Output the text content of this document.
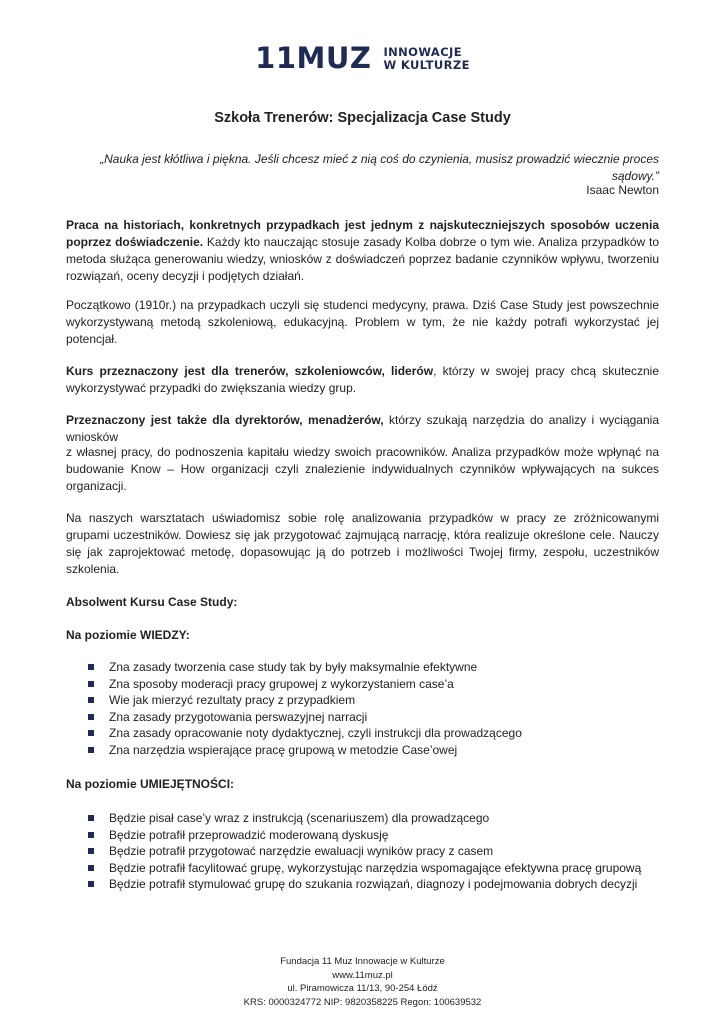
11MUZ INNOWACJE
W KULTURZE
Szkoła Trenerów: Specjalizacja Case Study
„Nauka jest kłótliwa i piękna. Jeśli chcesz mieć z nią coś do czynienia, musisz prowadzić wiecznie proces sądowy.”
Isaac Newton
Praca na historiach, konkretnych przypadkach jest jednym z najskuteczniejszych sposobów uczenia poprzez doświadczenie. Każdy kto nauczając stosuje zasady Kolba dobrze o tym wie. Analiza przypadków to metoda służąca generowaniu wiedzy, wniosków z doświadczeń poprzez badanie czynników wpływu, tworzeniu rozwiązań, oceny decyzji i podjętych działań.
Początkowo (1910r.) na przypadkach uczyli się studenci medycyny, prawa. Dziś Case Study jest powszechnie wykorzystywaną metodą szkoleniową, edukacyjną. Problem w tym, że nie każdy potrafi wykorzystać jej potencjał.
Kurs przeznaczony jest dla trenerów, szkoleniowców, liderów, którzy w swojej pracy chcą skutecznie wykorzystywać przypadki do zwiększania wiedzy grup.
Przeznaczony jest także dla dyrektorów, menadżerów, którzy szukają narzędzia do analizy i wyciągania wniosków
z własnej pracy, do podnoszenia kapitału wiedzy swoich pracowników. Analiza przypadków może wpłynąć na budowanie Know – How organizacji czyli znalezienie indywidualnych czynników wpływających na sukces organizacji.
Na naszych warsztatach uświadomisz sobie rolę analizowania przypadków w pracy ze zróżnicowanymi grupami uczestników. Dowiesz się jak przygotować zajmującą narrację, która realizuje określone cele. Nauczy się jak zaprojektować metodę, dopasowując ją do potrzeb i możliwości Twojej firmy, zespołu, uczestników szkolenia.
Absolwent Kursu Case Study:
Na poziomie WIEDZY:
Zna zasady tworzenia case study tak by były maksymalnie efektywne
Zna sposoby moderacji pracy grupowej z wykorzystaniem case’a
Wie jak mierzyć rezultaty pracy z przypadkiem
Zna zasady przygotowania perswazyjnej narracji
Zna zasady opracowanie noty dydaktycznej, czyli instrukcji dla prowadzącego
Zna narzędzia wspierające pracę grupową w metodzie Case’owej
Na poziomie UMIEJĘTNOŚCI:
Będzie pisał case’y wraz z instrukcją (scenariuszem) dla prowadzącego
Będzie potrafił przeprowadzić moderowaną dyskusję
Będzie potrafił przygotować narzędzie ewaluacji wyników pracy z casem
Będzie potrafił facylitować grupę, wykorzystując narzędzia wspomagające efektywna pracę grupową
Będzie potrafił stymulować grupę do szukania rozwiązań, diagnozy i podejmowania dobrych decyzji
Fundacja 11 Muz Innowacje w Kulturze
www.11muz.pl
ul. Piramowicza 11/13, 90-254 Łódź
KRS: 0000324772 NIP: 9820358225 Regon: 100639532
